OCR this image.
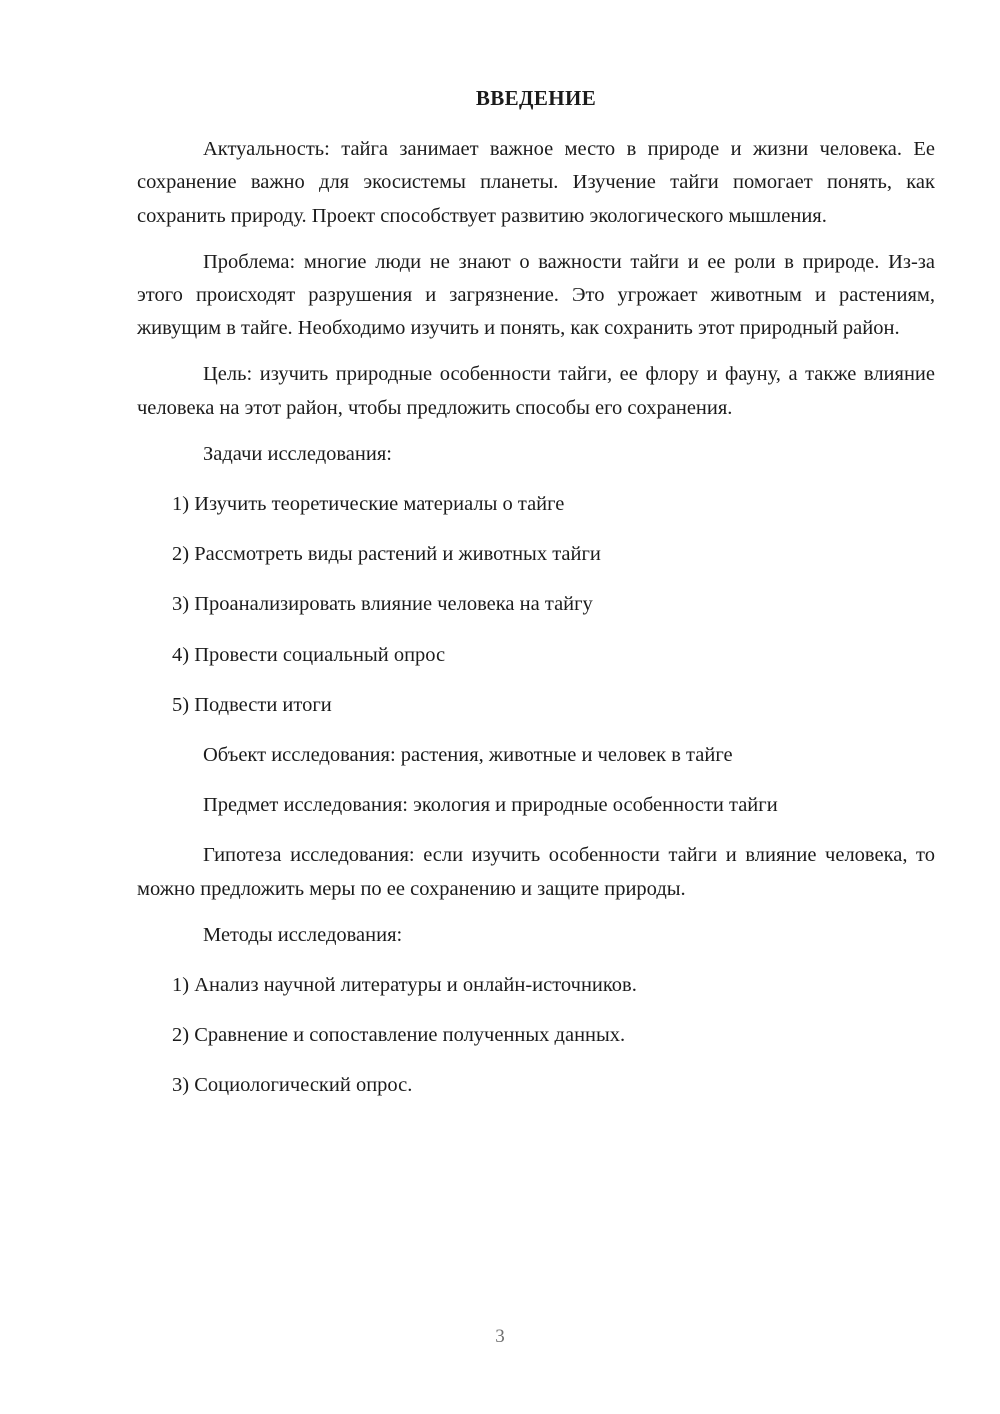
ВВЕДЕНИЕ

Актуальность: тайга занимает важное место в природе и жизни человека. Ее сохранение важно для экосистемы планеты. Изучение тайги помогает понять, как сохранить природу. Проект способствует развитию экологического мышления.

Проблема: многие люди не знают о важности тайги и ее роли в природе. Из-за этого происходят разрушения и загрязнение. Это угрожает животным и растениям, живущим в тайге. Необходимо изучить и понять, как сохранить этот природный район.

Цель: изучить природные особенности тайги, ее флору и фауну, а также влияние человека на этот район, чтобы предложить способы его сохранения.

Задачи исследования:
1) Изучить теоретические материалы о тайге
2) Рассмотреть виды растений и животных тайги
3) Проанализировать влияние человека на тайгу
4) Провести социальный опрос
5) Подвести итоги
Объект исследования: растения, животные и человек в тайге
Предмет исследования: экология и природные особенности тайги

Гипотеза исследования: если изучить особенности тайги и влияние человека, то можно предложить меры по ее сохранению и защите природы.

Методы исследования:
1) Анализ научной литературы и онлайн-источников.
2) Сравнение и сопоставление полученных данных.
3) Социологический опрос.
3
